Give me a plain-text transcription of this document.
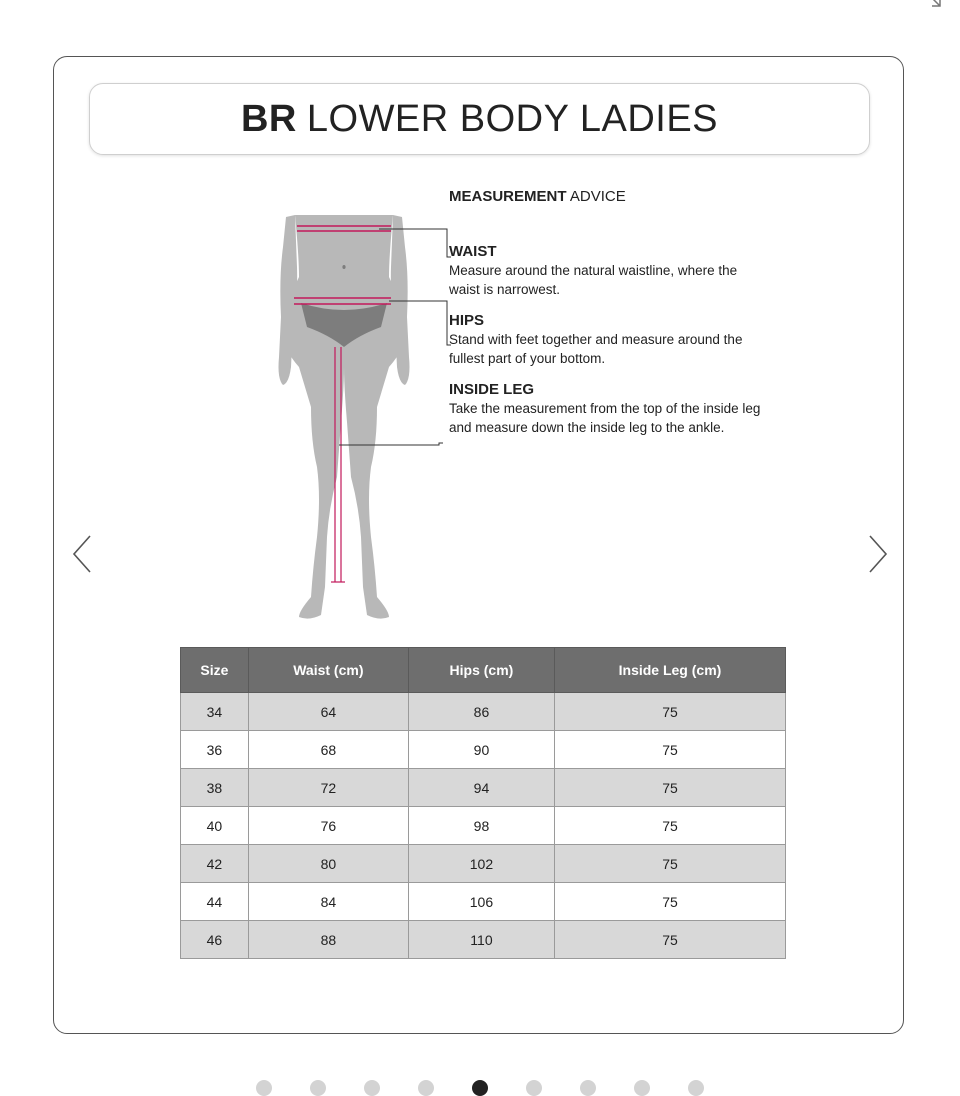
BR LOWER BODY LADIES
MEASUREMENT ADVICE
WAIST
Measure around the natural waistline, where the waist is narrowest.
HIPS
Stand with feet together and measure around the fullest part of your bottom.
INSIDE LEG
Take the measurement from the top of the inside leg and measure down the inside leg to the ankle.
Size	Waist (cm)	Hips (cm)	Inside Leg (cm)
34	64	86	75
36	68	90	75
38	72	94	75
40	76	98	75
42	80	102	75
44	84	106	75
46	88	110	75
